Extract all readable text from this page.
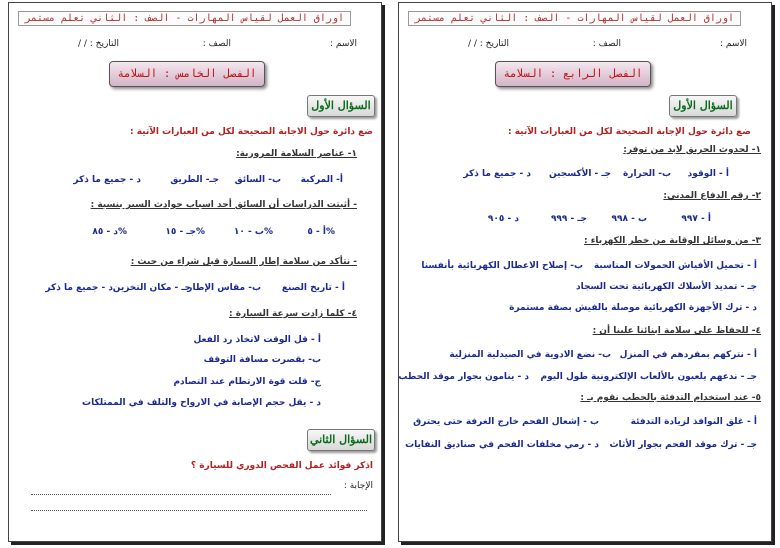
اوراق العمل لقياس المهارات - الصف : الثاني تعلم مستمر
الاسم :
الصف :
التاريخ : / /
الفصل الخامس : السلامة
السؤال الأول
ضع دائرة حول الاجابة الصحيحة لكل من العبارات الآتية :
١- عناصر السلامة المرورية:
أ- المركبة
ب- السائق
جـ- الطريق
د - جميع ما ذكر
- أثبتت الدراسات أن السائق أحد اسباب حوادث السير بنسبة :
أ - ٥%
ب - ١٠%
جـ - ١٥%
د - ٨٥%
- نتأكد من سلامة إطار السيارة قبل شراء من حيث :
أ - تاريخ الصنع
ب- مقاس الإطار
جـ - مكان التخزين
د - جميع ما ذكر
٤- كلما زادت سرعة السيارة :
أ - قل الوقت لاتخاذ رد الفعل
ب- بقصرت مسافة التوقف
ج- قلت قوة الارتطام عند التصادم
د - يقل حجم الإصابة في الارواح والتلف في الممتلكات
السؤال الثاني
اذكر فوائد عمل الفحص الدوري للسيارة ؟
الإجابة :
اوراق العمل لقياس المهارات - الصف : الثاني تعلم مستمر
الاسم :
الصف :
التاريخ : / /
الفصل الرابع : السلامة
السؤال الأول
ضع دائرة حول الإجابة الصحيحة لكل من العبارات الآتية :
١- لحدوث الحريق لابد من توفر:
أ - الوقود
ب- الحرارة
جـ - الأكسجين
د - جميع ما ذكر
٢- رقم الدفاع المدني:
أ - ٩٩٧
ب - ٩٩٨
جـ - ٩٩٩
د - ٩٠٥
٣- من وسائل الوقاية من خطر الكهرباء :
أ - تحميل الأفياش الحمولات المناسبة
ب- إصلاح الاعطال الكهربائية بأنفسنا
جـ - تمديد الأسلاك الكهربائية تحت السجاد
د - ترك الأجهزة الكهربائية موصلة بالفيش بصفة مستمرة
٤- للحفاظ على سلامة ابنائنا علينا أن :
أ - نتركهم بمفردهم في المنزل
ب- نضع الادوية في الصيدلية المنزلية
جـ - ندعهم يلعبون بالألعاب الإلكترونية طول اليوم
د - ينامون بجوار موقد الحطب
٥- عند استخدام التدفئة بالحطب نقوم بـ :
أ - غلق النوافذ لزيادة التدفئة
ب - إشعال الفحم خارج الغرفة حتى يحترق
جـ - ترك موقد الفحم بجوار الأثاث
د - رمي مخلفات الفحم في صناديق النفايات
